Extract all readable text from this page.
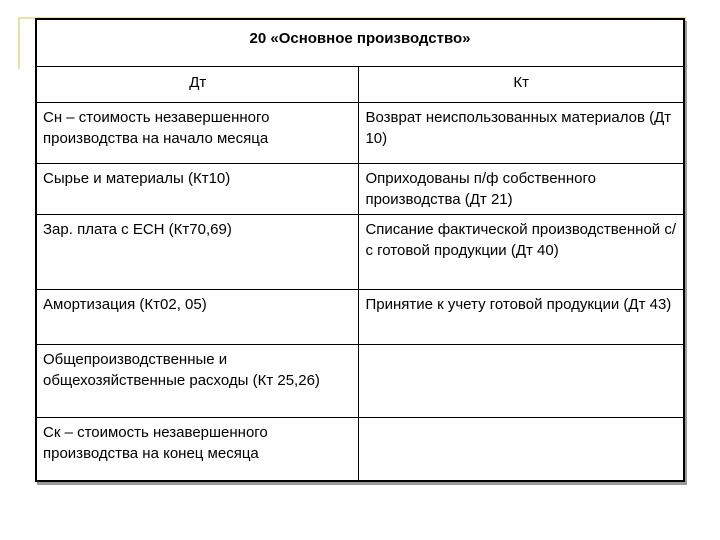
20 «Основное производство»	
Дт	Кт
Сн – стоимость незавершенного производства на начало месяца	Возврат неиспользованных материалов (Дт 10)
Сырье и материалы (Кт10)	Оприходованы п/ф собственного производства (Дт 21)
Зар. плата с ЕСН (Кт70,69)	Списание фактической производственной с/с готовой продукции (Дт 40)
Амортизация (Кт02, 05)	Принятие к учету готовой продукции (Дт 43)
Общепроизводственные и общехозяйственные расходы (Кт 25,26)	
Ск – стоимость незавершенного производства на конец месяца	
